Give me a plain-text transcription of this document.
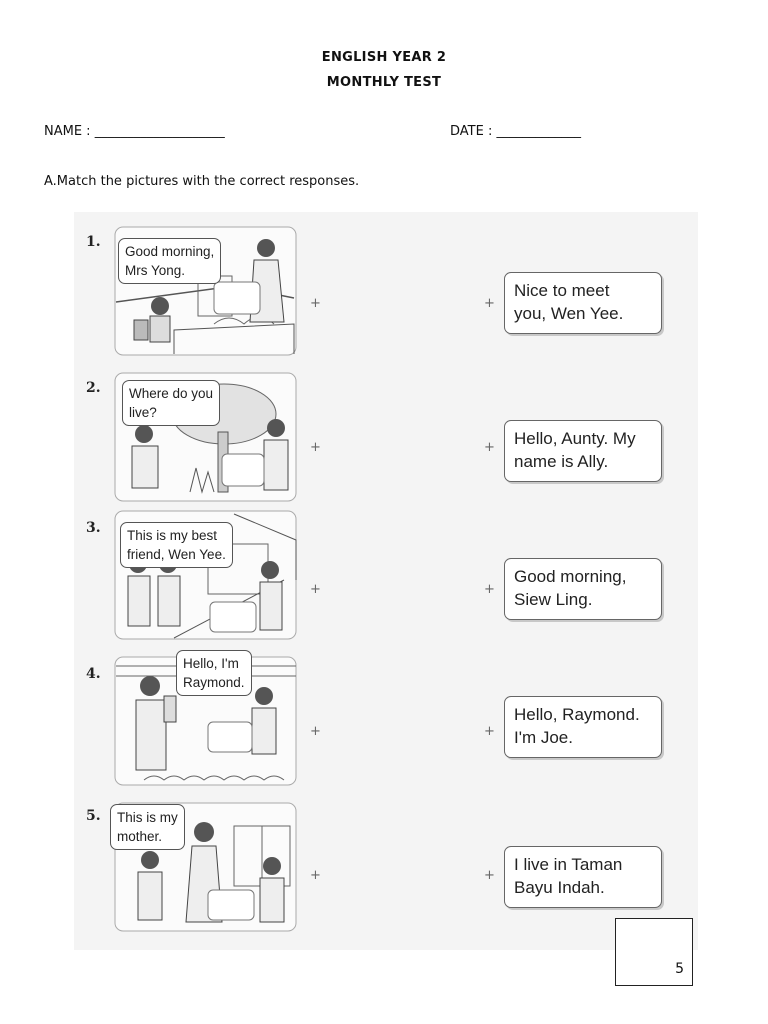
ENGLISH YEAR 2
MONTHLY TEST
NAME : ____________________	DATE : _____________
A.Match the pictures with the correct responses.
1.
Good morning,
Mrs Yong.
+	+
Nice to meet
you, Wen Yee.
2.	Where do you
live?
+	+	Hello, Aunty. My
name is Ally.
3.	This is my best
friend, Wen Yee.
+	+
Good morning,
Siew Ling.
4.
Hello, I'm
Raymond.
+	+
Hello, Raymond.
I'm Joe.
5.	This is my
mother.
+	+
I live in Taman
Bayu Indah.
5
